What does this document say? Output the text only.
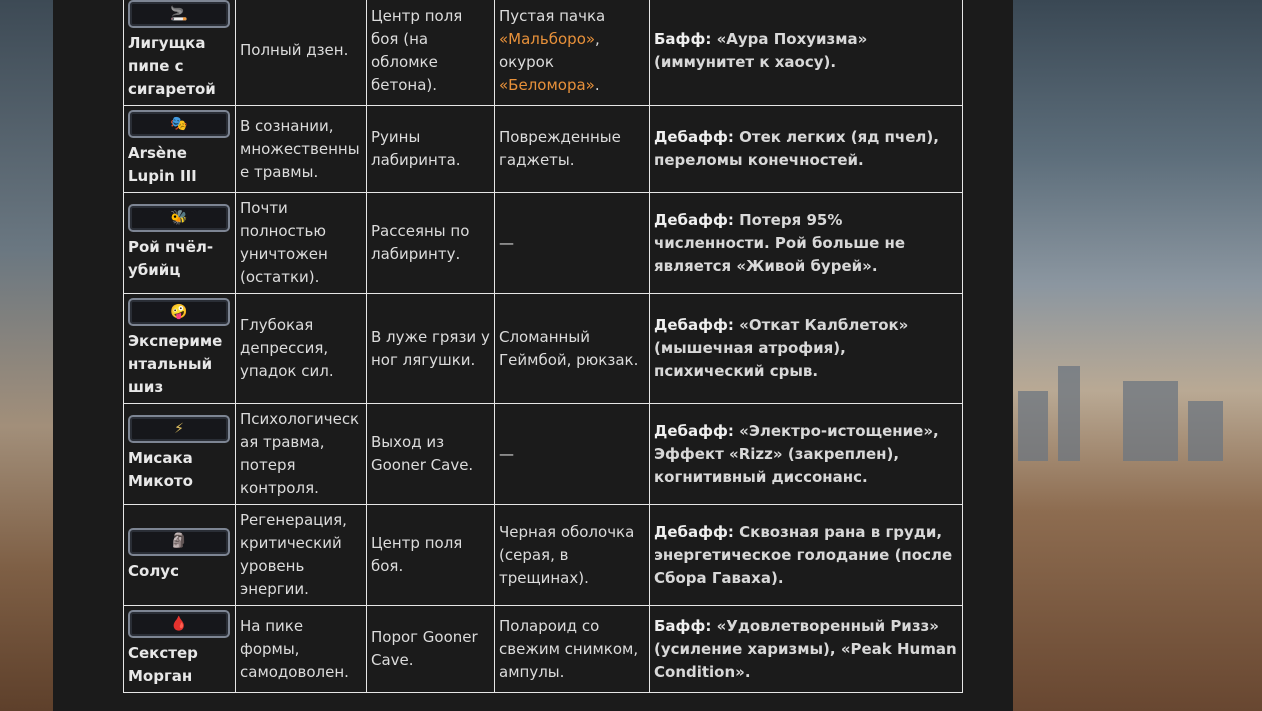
🚬
Лигущка пипе с сигаретой	Полный дзен.	Центр поля боя (на обломке бетона).	Пустая пачка «Мальборо», окурок «Беломора».	Бафф: «Аура Похуизма» (иммунитет к хаосу).

🎭
Arsène Lupin III	В сознании, множественные травмы.	Руины лабиринта.	Поврежденные гаджеты.	Дебафф: Отек легких (яд пчел), переломы конечностей.

🐝
Рой пчёл-убийц	Почти полностью уничтожен (остатки).	Рассеяны по лабиринту.	—	Дебафф: Потеря 95% численности. Рой больше не является «Живой бурей».

🤪
Экспериментальный шиз	Глубокая депрессия, упадок сил.	В луже грязи у ног лягушки.	Сломанный Геймбой, рюкзак.	Дебафф: «Откат Калблеток» (мышечная атрофия), психический срыв.

⚡
Мисака Микото	Психологическая травма, потеря контроля.	Выход из Gooner Cave.	—	Дебафф: «Электро-истощение», Эффект «Rizz» (закреплен), когнитивный диссонанс.

🗿
Солус	Регенерация, критический уровень энергии.	Центр поля боя.	Черная оболочка (серая, в трещинах).	Дебафф: Сквозная рана в груди, энергетическое голодание (после Сбора Гаваха).

🩸
Секстер Морган	На пике формы, самодоволен.	Порог Gooner Cave.	Полароид со свежим снимком, ампулы.	Бафф: «Удовлетворенный Ризз» (усиление харизмы), «Peak Human Condition».
